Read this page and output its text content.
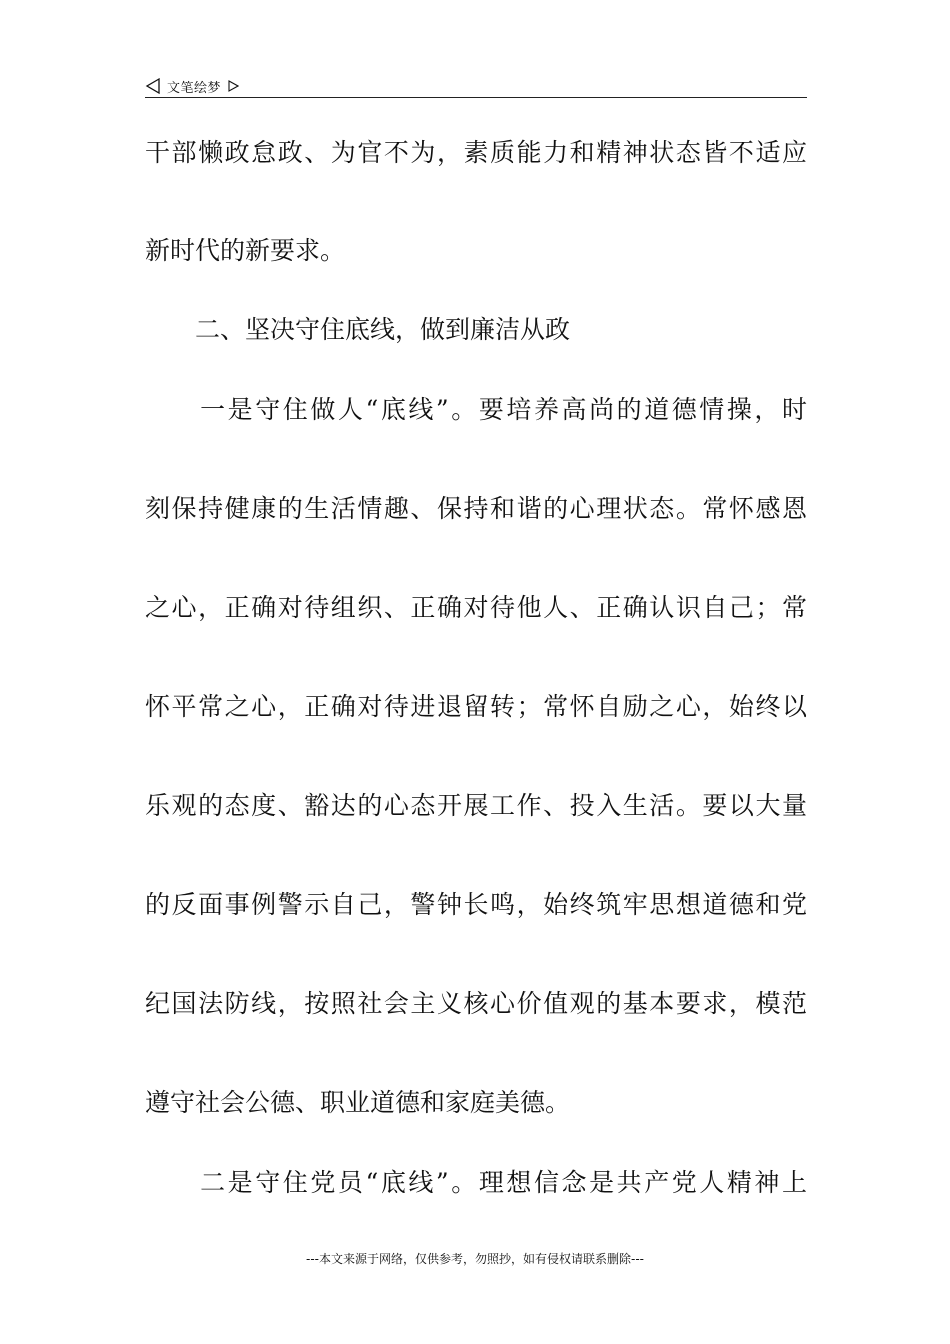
文笔绘梦
干部懒政怠政、为官不为，素质能力和精神状态皆不适应
新时代的新要求。
　　二、坚决守住底线，做到廉洁从政
　　一是守住做人“底线”。要培养高尚的道德情操，时
刻保持健康的生活情趣、保持和谐的心理状态。常怀感恩
之心，正确对待组织、正确对待他人、正确认识自己；常
怀平常之心，正确对待进退留转；常怀自励之心，始终以
乐观的态度、豁达的心态开展工作、投入生活。要以大量
的反面事例警示自己，警钟长鸣，始终筑牢思想道德和党
纪国法防线，按照社会主义核心价值观的基本要求，模范
遵守社会公德、职业道德和家庭美德。
　　二是守住党员“底线”。理想信念是共产党人精神上
---本文来源于网络，仅供参考，勿照抄，如有侵权请联系删除---
